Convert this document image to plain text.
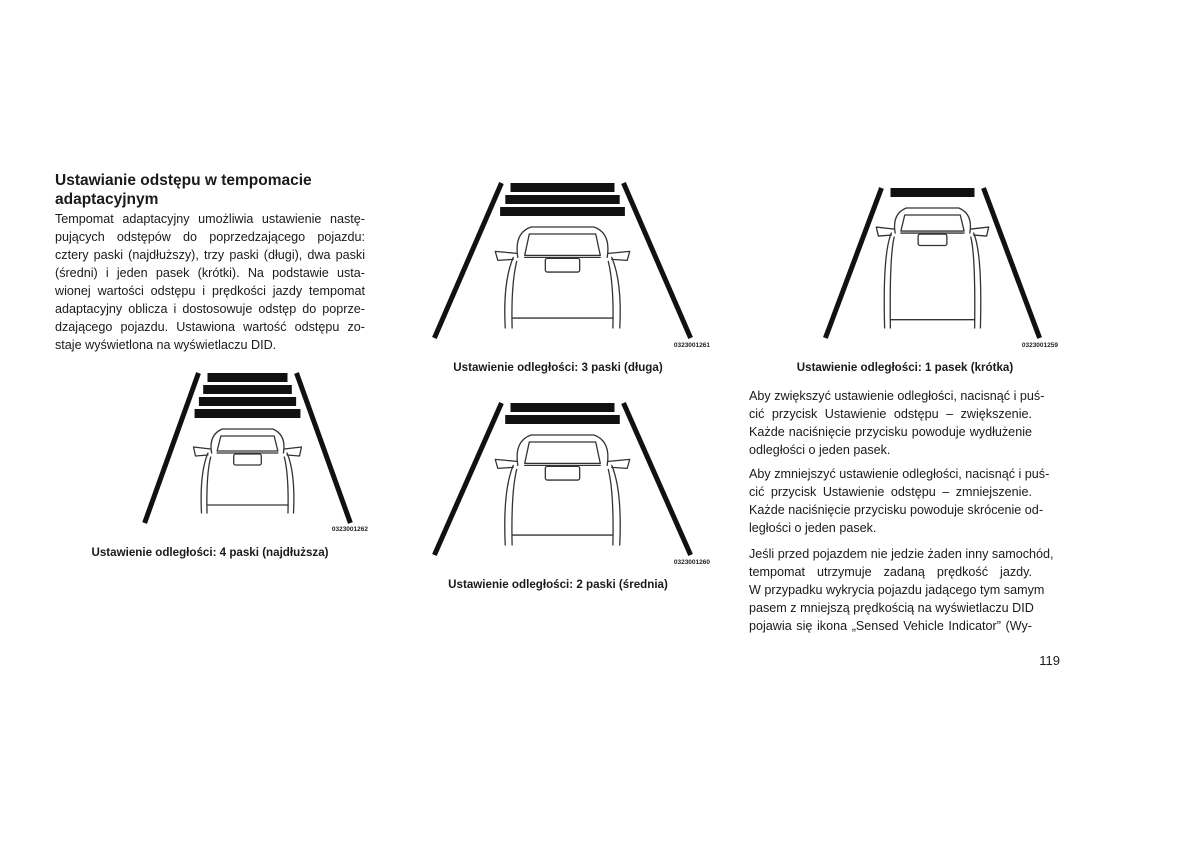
Ustawianie odstępu w tempomacie
adaptacyjnym

Tempomat adaptacyjny umożliwia ustawienie nastę-
pujących odstępów do poprzedzającego pojazdu:
cztery paski (najdłuższy), trzy paski (długi), dwa paski
(średni) i jeden pasek (krótki). Na podstawie usta-
wionej wartości odstępu i prędkości jazdy tempomat
adaptacyjny oblicza i dostosowuje odstęp do poprze-
dzającego pojazdu. Ustawiona wartość odstępu zo-
staje wyświetlona na wyświetlaczu DID.

0323001262

Ustawienie odległości: 4 paski (najdłuższa)

0323001261

Ustawienie odległości: 3 paski (długa)

0323001260

Ustawienie odległości: 2 paski (średnia)

0323001259

Ustawienie odległości: 1 pasek (krótka)

Aby zwiększyć ustawienie odległości, nacisnąć i puś-
cić przycisk Ustawienie odstępu – zwiększenie.
Każde naciśnięcie przycisku powoduje wydłużenie
odległości o jeden pasek.

Aby zmniejszyć ustawienie odległości, nacisnąć i puś-
cić przycisk Ustawienie odstępu – zmniejszenie.
Każde naciśnięcie przycisku powoduje skrócenie od-
ległości o jeden pasek.

Jeśli przed pojazdem nie jedzie żaden inny samochód,
tempomat utrzymuje zadaną prędkość jazdy.
W przypadku wykrycia pojazdu jadącego tym samym
pasem z mniejszą prędkością na wyświetlaczu DID
pojawia się ikona „Sensed Vehicle Indicator” (Wy-

119
